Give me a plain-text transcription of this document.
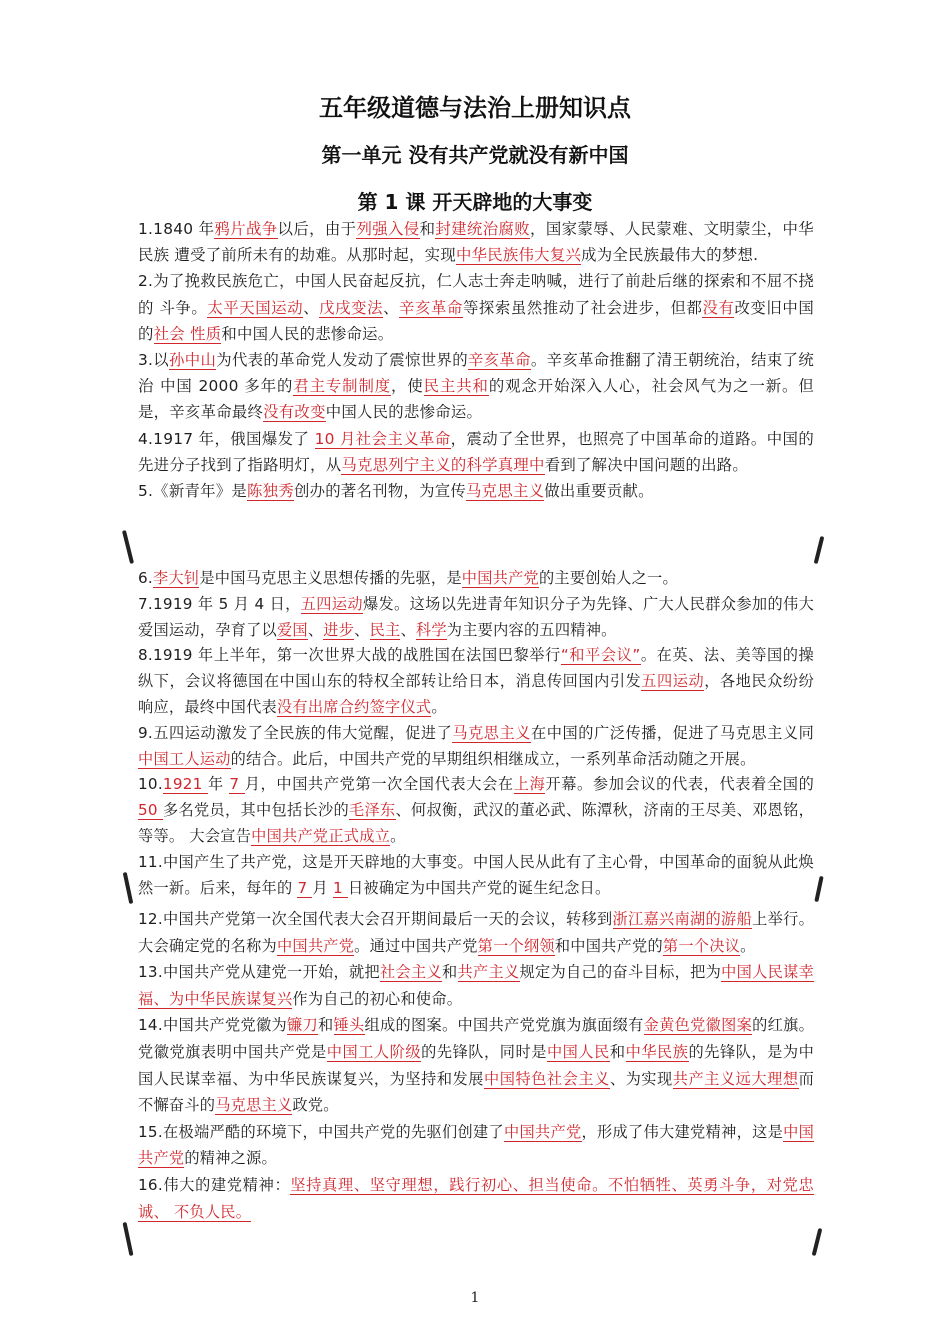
五年级道德与法治上册知识点
第一单元 没有共产党就没有新中国
第 1 课 开天辟地的大事变

1.1840 年鸦片战争以后，由于列强入侵和封建统治腐败，国家蒙辱、人民蒙难、文明蒙尘，中华民族 遭受了前所未有的劫难。从那时起，实现中华民族伟大复兴成为全民族最伟大的梦想.

2.为了挽救民族危亡，中国人民奋起反抗，仁人志士奔走呐喊，进行了前赴后继的探索和不屈不挠的 斗争。太平天国运动、戊戌变法、辛亥革命等探索虽然推动了社会进步，但都没有改变旧中国的社会 性质和中国人民的悲惨命运。

3.以孙中山为代表的革命党人发动了震惊世界的辛亥革命。辛亥革命推翻了清王朝统治，结束了统治 中国 2000 多年的君主专制制度，使民主共和的观念开始深入人心，社会风气为之一新。但是，辛亥革命最终没有改变中国人民的悲惨命运。

4.1917 年，俄国爆发了 10 月社会主义革命，震动了全世界，也照亮了中国革命的道路。中国的先进分子找到了指路明灯，从马克思列宁主义的科学真理中看到了解决中国问题的出路。

5.《新青年》是陈独秀创办的著名刊物，为宣传马克思主义做出重要贡献。

6.李大钊是中国马克思主义思想传播的先驱，是中国共产党的主要创始人之一。

7.1919 年 5 月 4 日，五四运动爆发。这场以先进青年知识分子为先锋、广大人民群众参加的伟大爱国运动，孕育了以爱国、进步、民主、科学为主要内容的五四精神。

8.1919 年上半年，第一次世界大战的战胜国在法国巴黎举行“和平会议”。在英、法、美等国的操纵下，会议将德国在中国山东的特权全部转让给日本，消息传回国内引发五四运动，各地民众纷纷响应，最终中国代表没有出席合约签字仪式。

9.五四运动激发了全民族的伟大觉醒，促进了马克思主义在中国的广泛传播，促进了马克思主义同中国工人运动的结合。此后，中国共产党的早期组织相继成立，一系列革命活动随之开展。

10.1921 年 7 月，中国共产党第一次全国代表大会在上海开幕。参加会议的代表，代表着全国的 50 多名党员，其中包括长沙的毛泽东、何叔衡，武汉的董必武、陈潭秋，济南的王尽美、邓恩铭，等等。 大会宣告中国共产党正式成立。

11.中国产生了共产党，这是开天辟地的大事变。中国人民从此有了主心骨，中国革命的面貌从此焕然一新。后来，每年的 7 月 1 日被确定为中国共产党的诞生纪念日。

12.中国共产党第一次全国代表大会召开期间最后一天的会议，转移到浙江嘉兴南湖的游船上举行。大会确定党的名称为中国共产党。通过中国共产党第一个纲领和中国共产党的第一个决议。

13.中国共产党从建党一开始，就把社会主义和共产主义规定为自己的奋斗目标，把为中国人民谋幸福、为中华民族谋复兴作为自己的初心和使命。

14.中国共产党党徽为镰刀和锤头组成的图案。中国共产党党旗为旗面缀有金黄色党徽图案的红旗。党徽党旗表明中国共产党是中国工人阶级的先锋队，同时是中国人民和中华民族的先锋队，是为中国人民谋幸福、为中华民族谋复兴，为坚持和发展中国特色社会主义、为实现共产主义远大理想而不懈奋斗的马克思主义政党。

15.在极端严酷的环境下，中国共产党的先驱们创建了中国共产党，形成了伟大建党精神，这是中国共产党的精神之源。

16.伟大的建党精神：坚持真理、坚守理想，践行初心、担当使命。不怕牺牲、英勇斗争，对党忠诚、 不负人民。

1
